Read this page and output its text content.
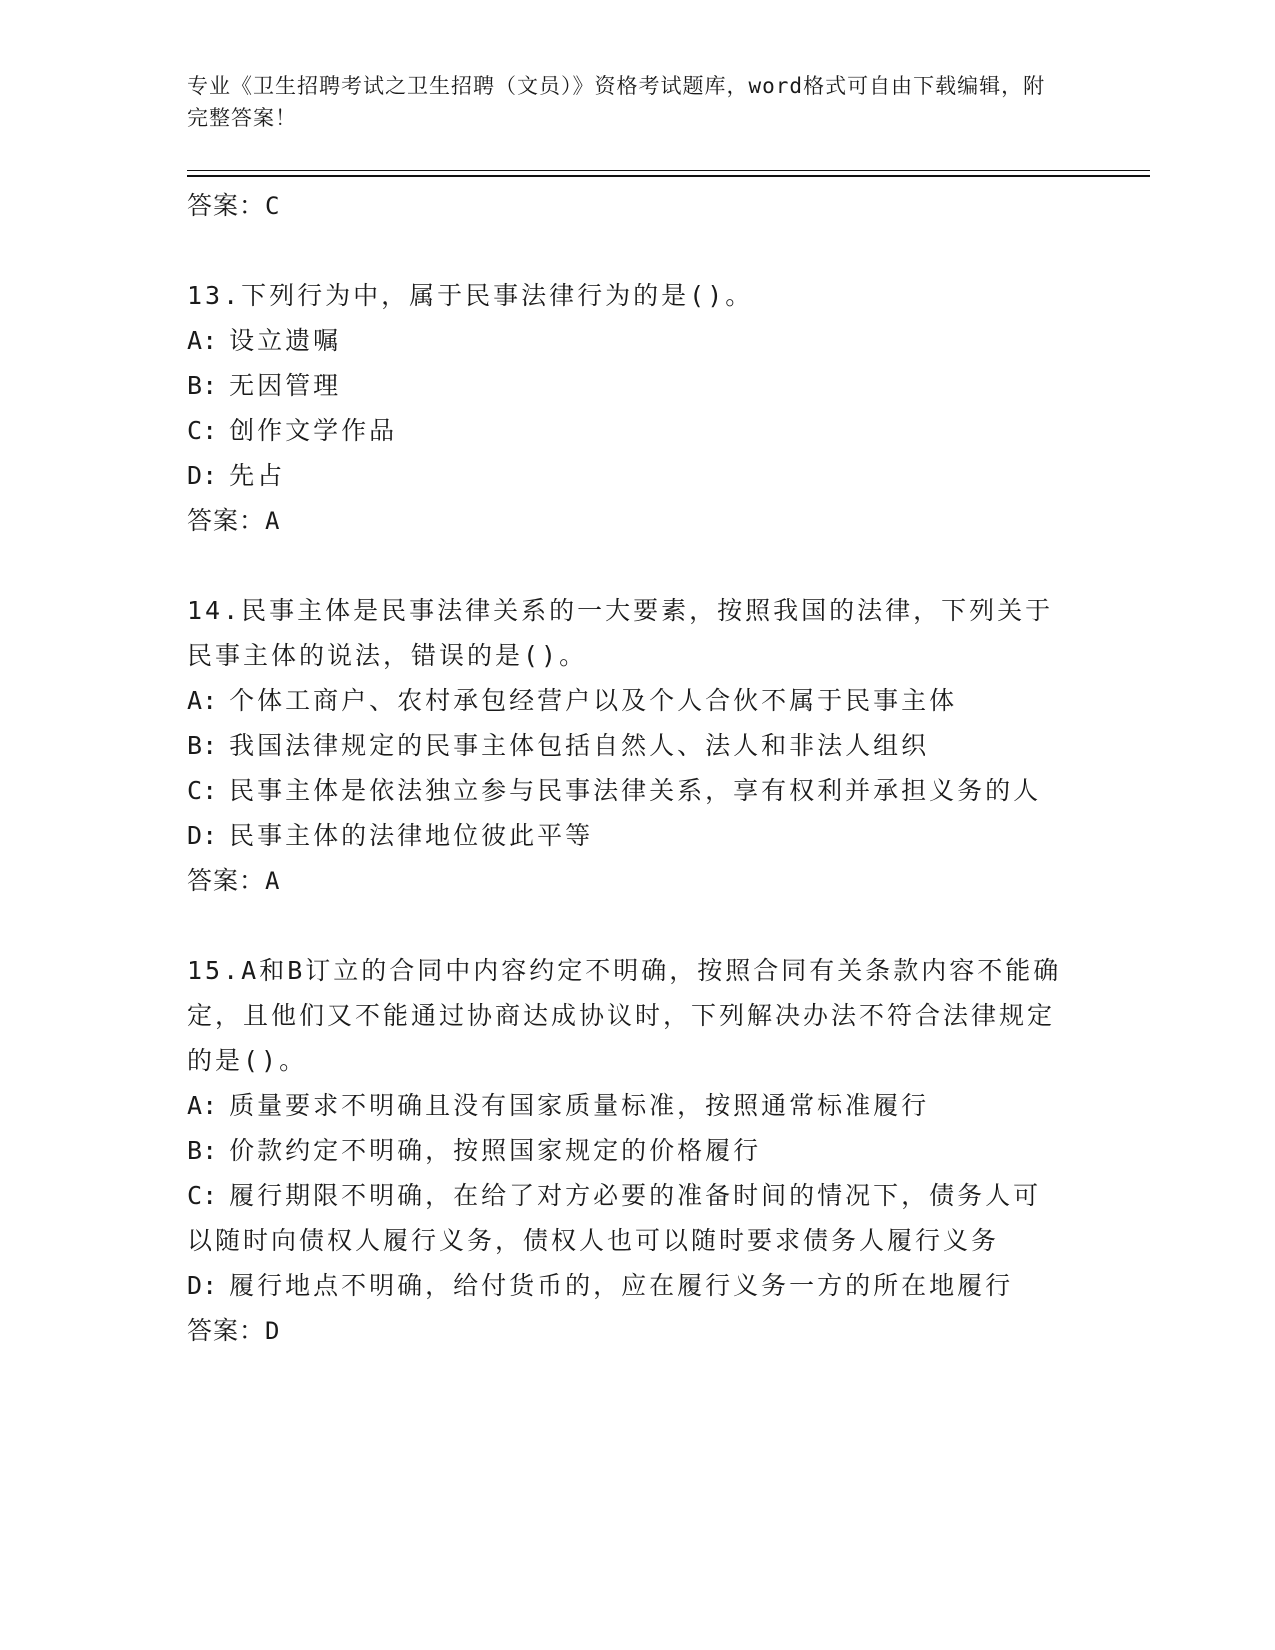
专业《卫生招聘考试之卫生招聘（文员）》资格考试题库，word格式可自由下载编辑，附完整答案！

答案：C

13.下列行为中，属于民事法律行为的是()。

A: 设立遗嘱

B: 无因管理

C: 创作文学作品

D: 先占

答案：A

14.民事主体是民事法律关系的一大要素，按照我国的法律，下列关于民事主体的说法，错误的是()。

A: 个体工商户、农村承包经营户以及个人合伙不属于民事主体

B: 我国法律规定的民事主体包括自然人、法人和非法人组织

C: 民事主体是依法独立参与民事法律关系，享有权利并承担义务的人

D: 民事主体的法律地位彼此平等

答案：A

15.A和B订立的合同中内容约定不明确，按照合同有关条款内容不能确定，且他们又不能通过协商达成协议时，下列解决办法不符合法律规定的是()。

A: 质量要求不明确且没有国家质量标准，按照通常标准履行

B: 价款约定不明确，按照国家规定的价格履行

C: 履行期限不明确，在给了对方必要的准备时间的情况下，债务人可以随时向债权人履行义务，债权人也可以随时要求债务人履行义务

D: 履行地点不明确，给付货币的，应在履行义务一方的所在地履行

答案：D
